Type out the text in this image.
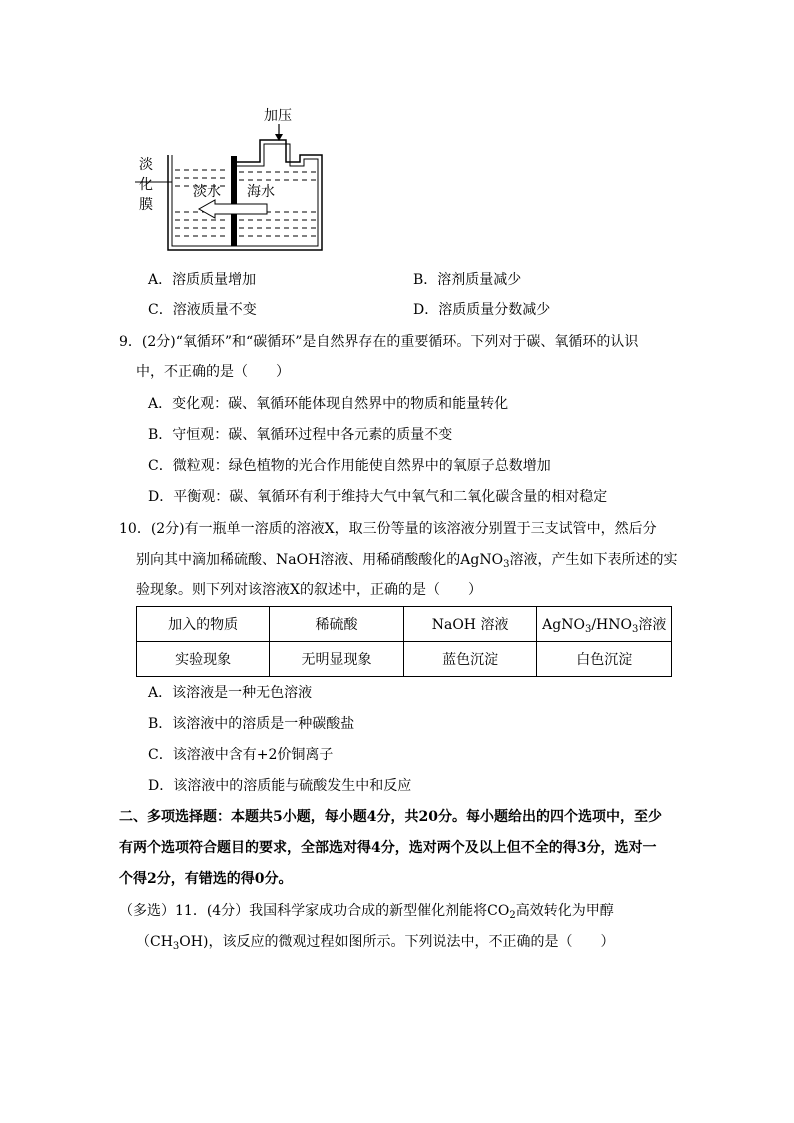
加压
淡水 海水
淡
化
膜
A．溶质质量增加	B．溶剂质量减少
C．溶液质量不变	D．溶质质量分数减少
9．(2分)“氧循环”和“碳循环”是自然界存在的重要循环。下列对于碳、氧循环的认识
中，不正确的是（　　）
A．变化观：碳、氧循环能体现自然界中的物质和能量转化
B．守恒观：碳、氧循环过程中各元素的质量不变
C．微粒观：绿色植物的光合作用能使自然界中的氧原子总数增加
D．平衡观：碳、氧循环有利于维持大气中氧气和二氧化碳含量的相对稳定
10．(2分)有一瓶单一溶质的溶液X，取三份等量的该溶液分别置于三支试管中，然后分
别向其中滴加稀硫酸、NaOH溶液、用稀硝酸酸化的AgNO$_3$溶液，产生如下表所述的实
验现象。则下列对该溶液X的叙述中，正确的是（　　）
加入的物质	稀硫酸	NaOH 溶液	$AgNO_3/HNO_3$溶液
实验现象	无明显现象	蓝色沉淀	白色沉淀
A．该溶液是一种无色溶液
B．该溶液中的溶质是一种碳酸盐
C．该溶液中含有+2价铜离子
D．该溶液中的溶质能与硫酸发生中和反应
二、多项选择题：本题共5小题，每小题4分，共20分。每小题给出的四个选项中，至少
有两个选项符合题目的要求，全部选对得4分，选对两个及以上但不全的得3分，选对一
个得2分，有错选的得0分。
（多选）11．(4分）我国科学家成功合成的新型催化剂能将$CO_2$高效转化为甲醇
$(CH_3OH)$，该反应的微观过程如图所示。下列说法中，不正确的是（　　）
